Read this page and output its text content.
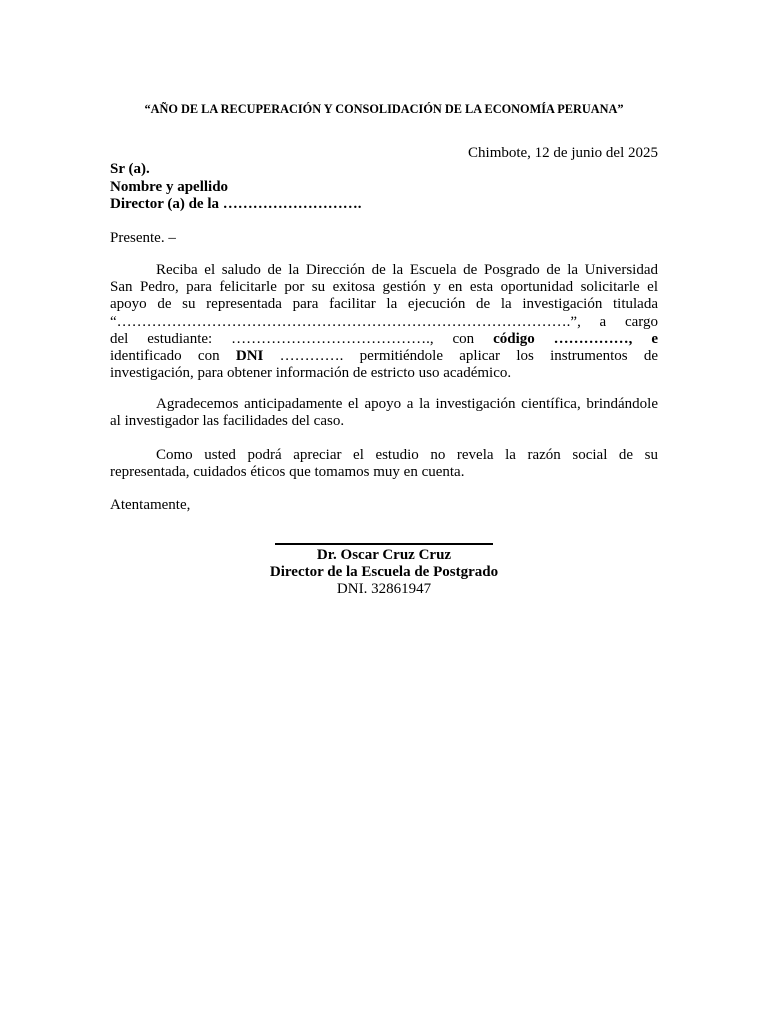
“AÑO DE LA RECUPERACIÓN Y CONSOLIDACIÓN DE LA ECONOMÍA PERUANA”
Chimbote, 12 de junio del 2025
Sr (a).
Nombre y apellido
Director (a) de la ……………………….
Presente. –
Reciba el saludo de la Dirección de la Escuela de Posgrado de la Universidad
San Pedro, para felicitarle por su exitosa gestión y en esta oportunidad solicitarle el
apoyo de su representada para facilitar la ejecución de la investigación titulada
“……………………………………………………………………………….”, a cargo
del estudiante: …………………………………., con código ……………, e
identificado con DNI …………. permitiéndole aplicar los instrumentos de
investigación, para obtener información de estricto uso académico.
Agradecemos anticipadamente el apoyo a la investigación científica, brindándole
al investigador las facilidades del caso.
Como usted podrá apreciar el estudio no revela la razón social de su
representada, cuidados éticos que tomamos muy en cuenta.
Atentamente,
Dr. Oscar Cruz Cruz
Director de la Escuela de Postgrado
DNI. 32861947
